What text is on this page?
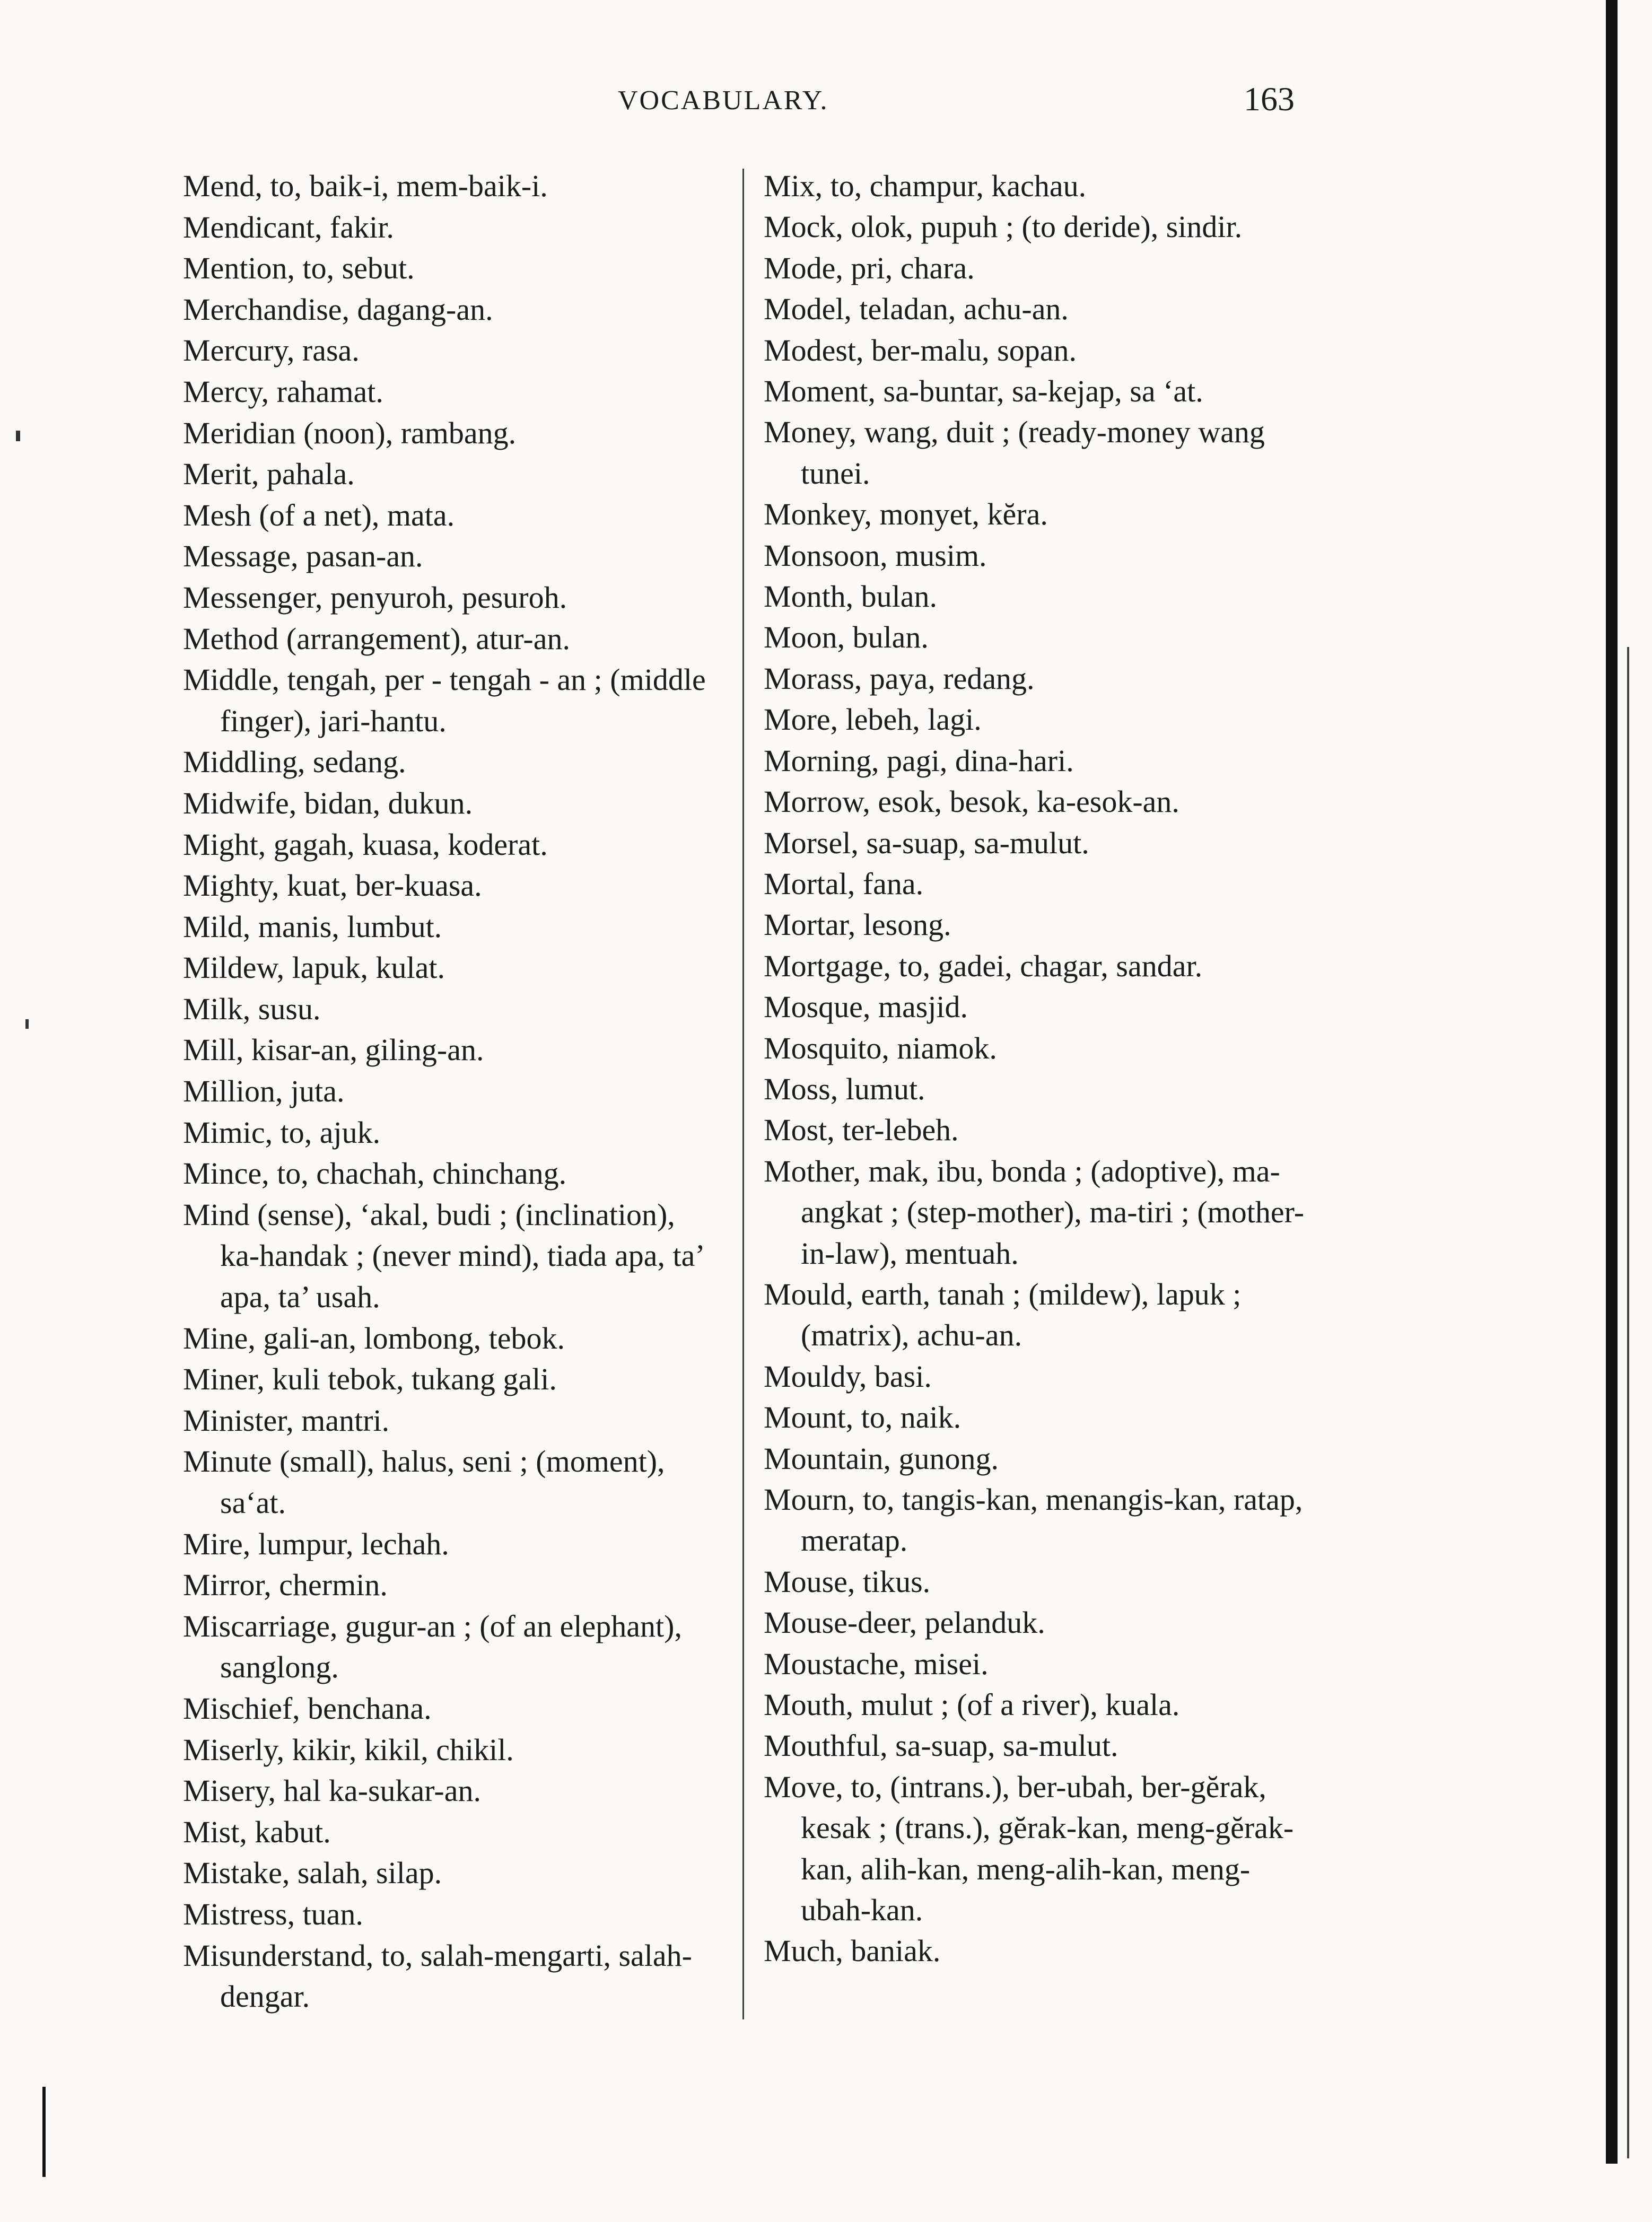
VOCABULARY.	163

Mend, to, baik-i, mem-baik-i.

Mendicant, fakir.

Mention, to, sebut.

Merchandise, dagang-an.

Mercury, rasa.

Mercy, rahamat.

Meridian (noon), rambang.

Merit, pahala.

Mesh (of a net), mata.

Message, pasan-an.

Messenger, penyuroh, pesuroh.

Method (arrangement), atur-an.

Middle, tengah, per - tengah - an ; (middle finger), jari-hantu.

Middling, sedang.

Midwife, bidan, dukun.

Might, gagah, kuasa, koderat.

Mighty, kuat, ber-kuasa.

Mild, manis, lumbut.

Mildew, lapuk, kulat.

Milk, susu.

Mill, kisar-an, giling-an.

Million, juta.

Mimic, to, ajuk.

Mince, to, chachah, chinchang.

Mind (sense), ‘akal, budi ; (inclination), ka-handak ; (never mind), tiada apa, ta’ apa, ta’ usah.

Mine, gali-an, lombong, tebok.

Miner, kuli tebok, tukang gali.

Minister, mantri.

Minute (small), halus, seni ; (moment), sa‘at.

Mire, lumpur, lechah.

Mirror, chermin.

Miscarriage, gugur-an ; (of an elephant), sanglong.

Mischief, benchana.

Miserly, kikir, kikil, chikil.

Misery, hal ka-sukar-an.

Mist, kabut.

Mistake, salah, silap.

Mistress, tuan.

Misunderstand, to, salah-mengarti, salah-dengar.

Mix, to, champur, kachau.

Mock, olok, pupuh ; (to deride), sindir.

Mode, pri, chara.

Model, teladan, achu-an.

Modest, ber-malu, sopan.

Moment, sa-buntar, sa-kejap, sa ‘at.

Money, wang, duit ; (ready-money wang tunei.

Monkey, monyet, kĕra.

Monsoon, musim.

Month, bulan.

Moon, bulan.

Morass, paya, redang.

More, lebeh, lagi.

Morning, pagi, dina-hari.

Morrow, esok, besok, ka-esok-an.

Morsel, sa-suap, sa-mulut.

Mortal, fana.

Mortar, lesong.

Mortgage, to, gadei, chagar, sandar.

Mosque, masjid.

Mosquito, niamok.

Moss, lumut.

Most, ter-lebeh.

Mother, mak, ibu, bonda ; (adoptive), ma-angkat ; (step-mother), ma-tiri ; (mother-in-law), mentuah.

Mould, earth, tanah ; (mildew), lapuk ; (matrix), achu-an.

Mouldy, basi.

Mount, to, naik.

Mountain, gunong.

Mourn, to, tangis-kan, menangis-kan, ratap, meratap.

Mouse, tikus.

Mouse-deer, pelanduk.

Moustache, misei.

Mouth, mulut ; (of a river), kuala.

Mouthful, sa-suap, sa-mulut.

Move, to, (intrans.), ber-ubah, ber-gĕrak, kesak ; (trans.), gĕrak-kan, meng-gĕrak-kan, alih-kan, meng-alih-kan, meng-ubah-kan.

Much, baniak.
